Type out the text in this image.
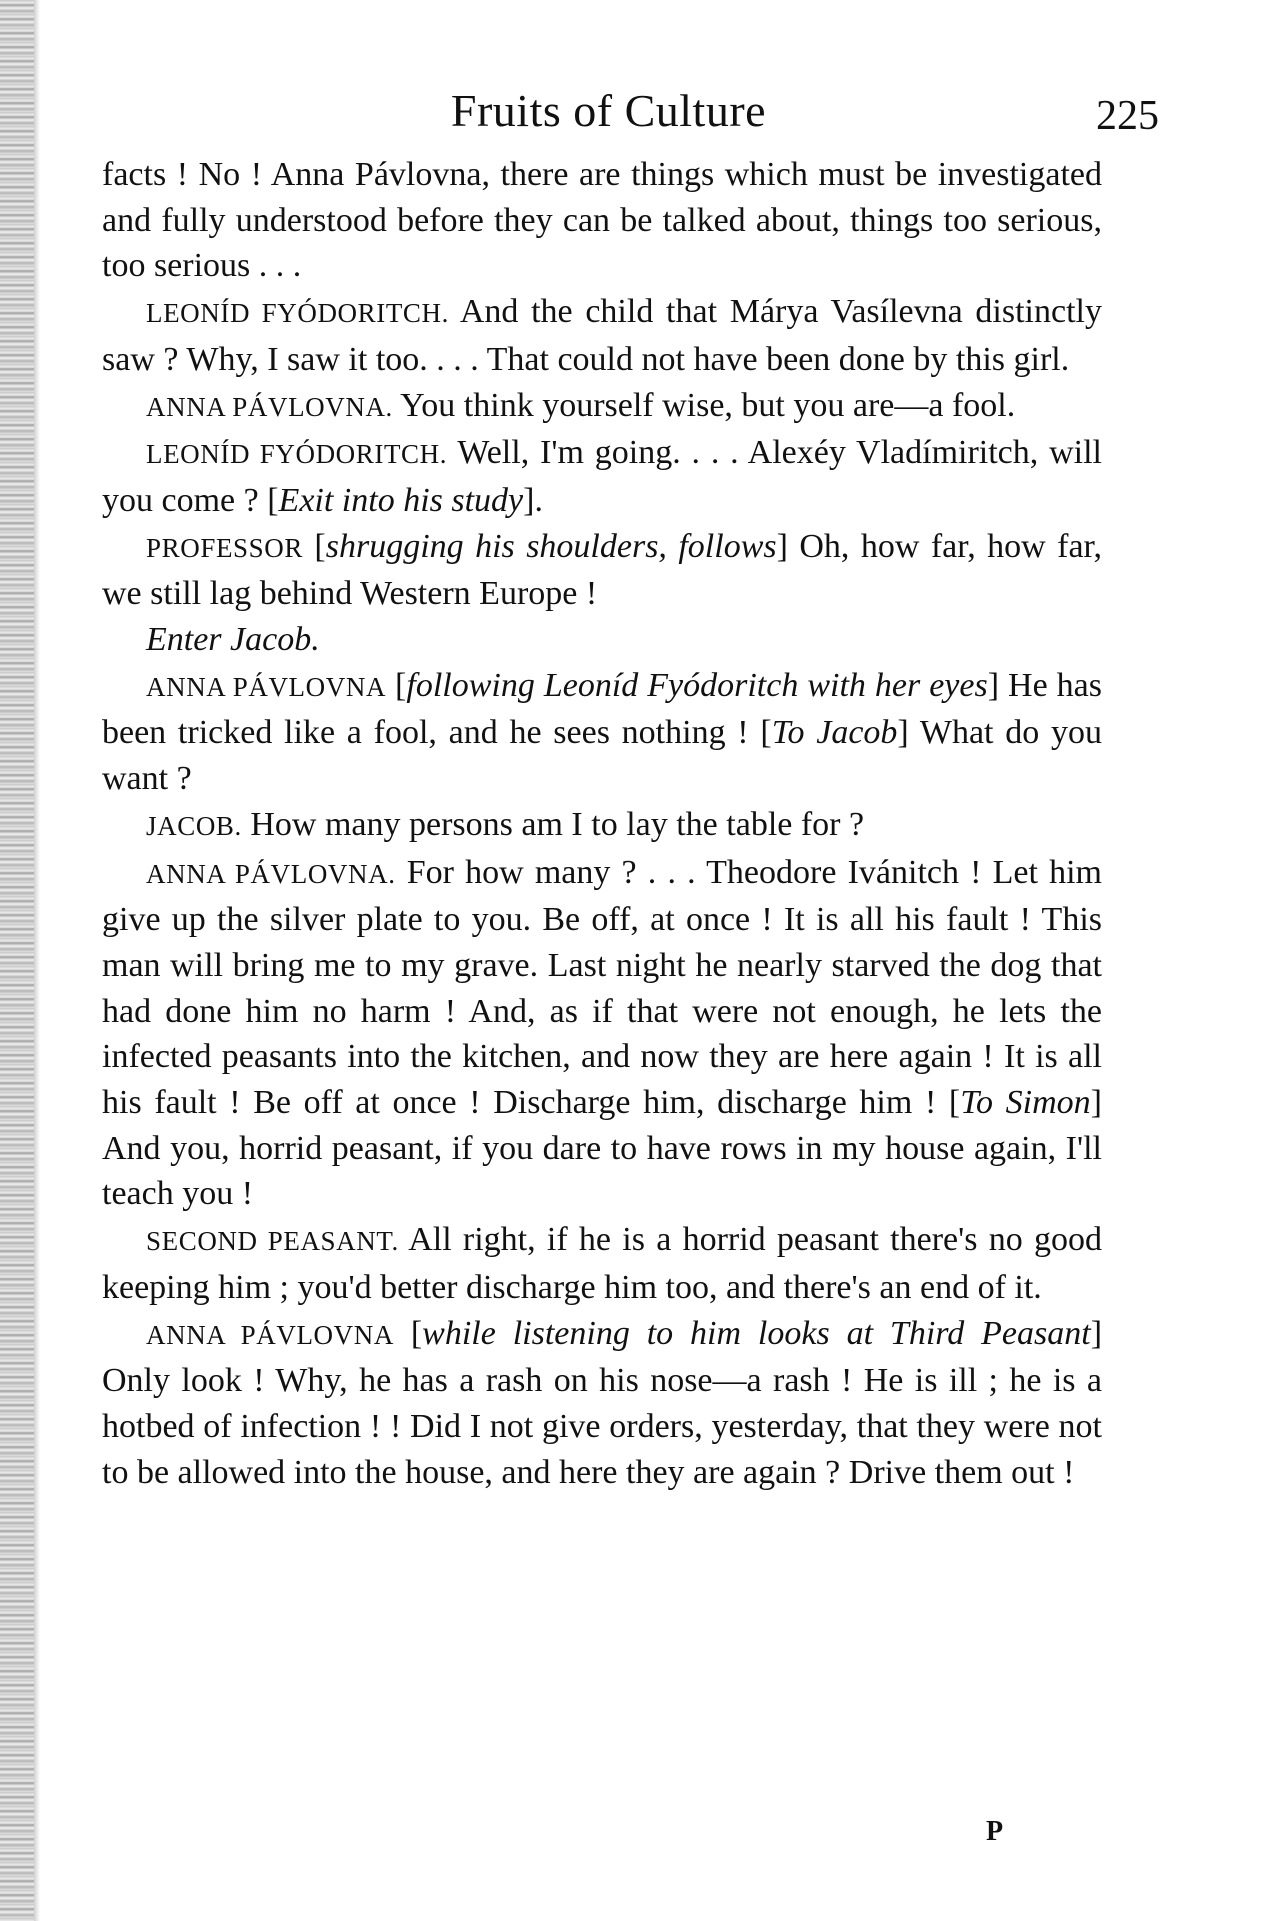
Fruits of Culture	225

facts ! No ! Anna Pávlovna, there are things which must be investigated and fully understood before they can be talked about, things too serious, too serious . . .

LEONÍD FYÓDORITCH. And the child that Márya Vasílevna distinctly saw ? Why, I saw it too. . . . That could not have been done by this girl.

ANNA PÁVLOVNA. You think yourself wise, but you are—a fool.

LEONÍD FYÓDORITCH. Well, I'm going. . . . Alexéy Vladímiritch, will you come ? [Exit into his study].

PROFESSOR [shrugging his shoulders, follows] Oh, how far, how far, we still lag behind Western Europe !

Enter Jacob.

ANNA PÁVLOVNA [following Leoníd Fyódoritch with her eyes] He has been tricked like a fool, and he sees nothing ! [To Jacob] What do you want ?

JACOB. How many persons am I to lay the table for ?

ANNA PÁVLOVNA. For how many ? . . . Theodore Ivánitch ! Let him give up the silver plate to you. Be off, at once ! It is all his fault ! This man will bring me to my grave. Last night he nearly starved the dog that had done him no harm ! And, as if that were not enough, he lets the infected peasants into the kitchen, and now they are here again ! It is all his fault ! Be off at once ! Discharge him, discharge him ! [To Simon] And you, horrid peasant, if you dare to have rows in my house again, I'll teach you !

SECOND PEASANT. All right, if he is a horrid peasant there's no good keeping him ; you'd better discharge him too, and there's an end of it.

ANNA PÁVLOVNA [while listening to him looks at Third Peasant] Only look ! Why, he has a rash on his nose—a rash ! He is ill ; he is a hotbed of infection ! ! Did I not give orders, yesterday, that they were not to be allowed into the house, and here they are again ? Drive them out !

P
